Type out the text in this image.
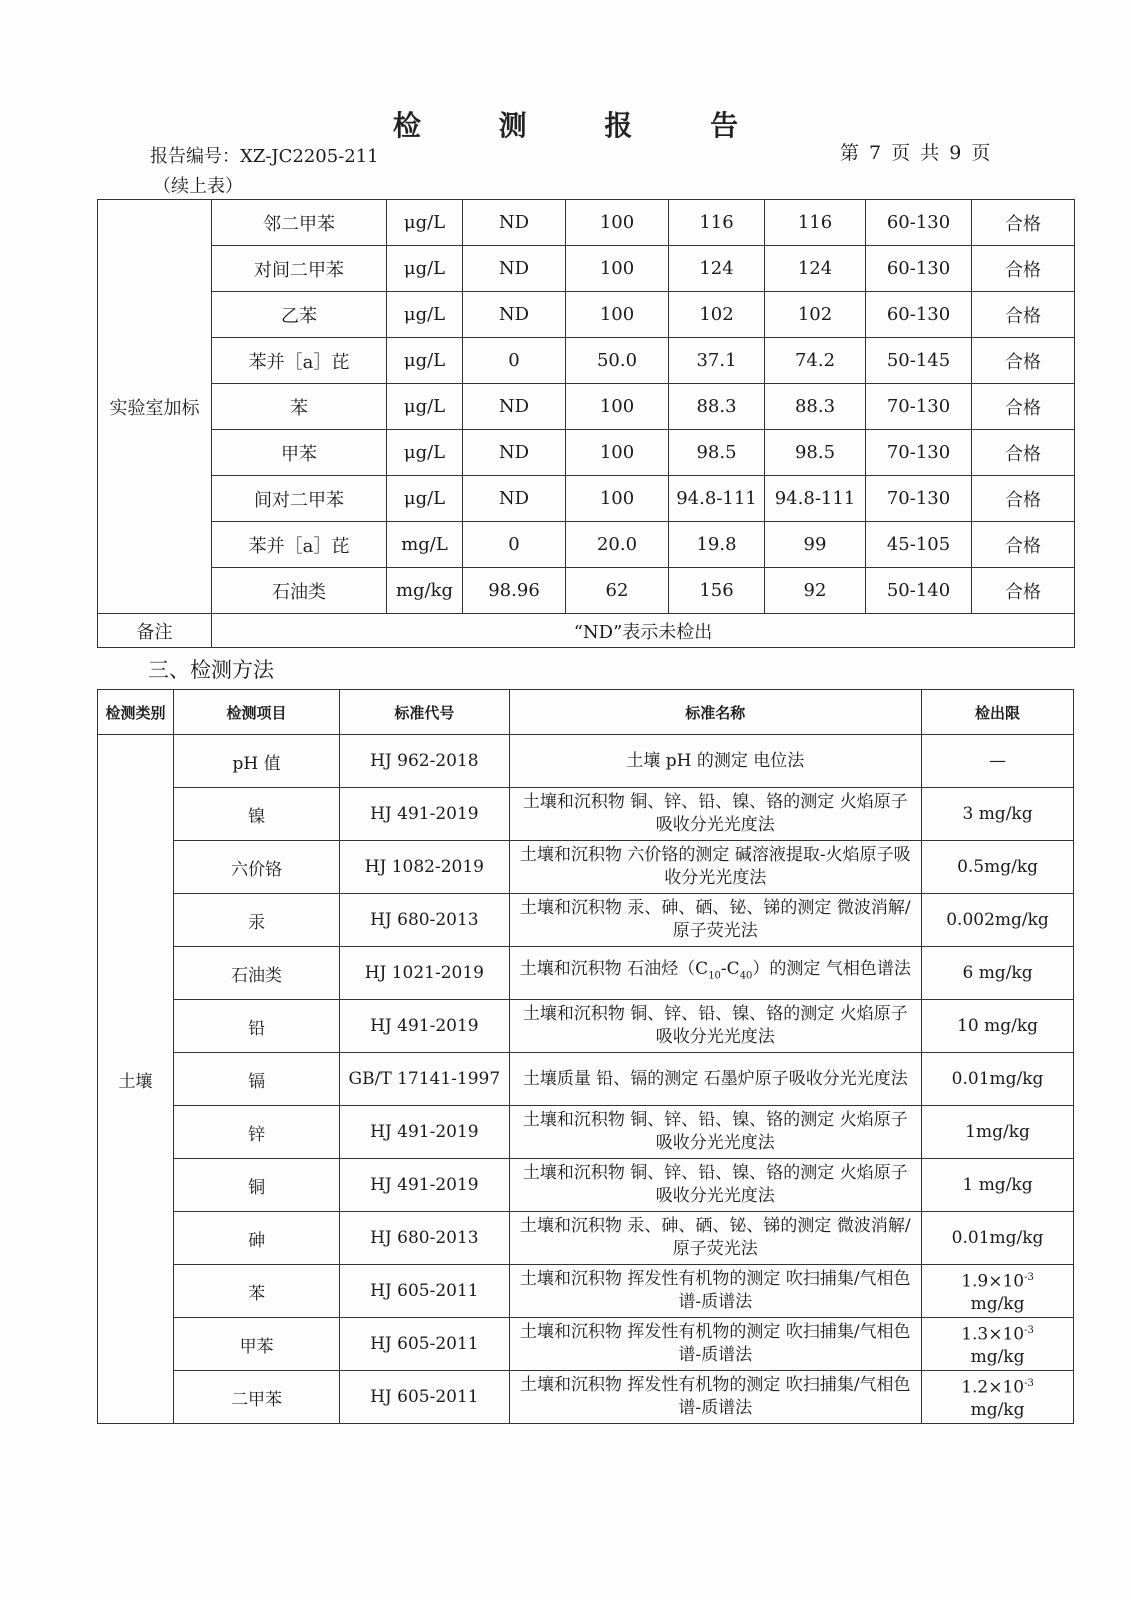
检 测 报 告
报告编号：XZ-JC2205-211	第 7 页 共 9 页
（续上表）
实验室加标	邻二甲苯	μg/L	ND	100	116	116	60-130	合格
	对间二甲苯	μg/L	ND	100	124	124	60-130	合格
	乙苯	μg/L	ND	100	102	102	60-130	合格
	苯并［a］芘	μg/L	0	50.0	37.1	74.2	50-145	合格
	苯	μg/L	ND	100	88.3	88.3	70-130	合格
	甲苯	μg/L	ND	100	98.5	98.5	70-130	合格
	间对二甲苯	μg/L	ND	100	94.8-111	94.8-111	70-130	合格
	苯并［a］芘	mg/L	0	20.0	19.8	99	45-105	合格
	石油类	mg/kg	98.96	62	156	92	50-140	合格
备注	“ND”表示未检出							
三、检测方法
检测类别	检测项目	标准代号	标准名称	检出限
土壤	pH 值	HJ 962-2018	土壤 pH 的测定 电位法	—
	镍	HJ 491-2019	土壤和沉积物 铜、锌、铅、镍、铬的测定 火焰原子吸收分光光度法	3 mg/kg
	六价铬	HJ 1082-2019	土壤和沉积物 六价铬的测定 碱溶液提取-火焰原子吸收分光光度法	0.5mg/kg
	汞	HJ 680-2013	土壤和沉积物 汞、砷、硒、铋、锑的测定 微波消解/原子荧光法	0.002mg/kg
	石油类	HJ 1021-2019	土壤和沉积物 石油烃$(C_{10}-C_{40})$的测定 气相色谱法	6 mg/kg
	铅	HJ 491-2019	土壤和沉积物 铜、锌、铅、镍、铬的测定 火焰原子吸收分光光度法	10 mg/kg
	镉	GB/T 17141-1997	土壤质量 铅、镉的测定 石墨炉原子吸收分光光度法	0.01mg/kg
	锌	HJ 491-2019	土壤和沉积物 铜、锌、铅、镍、铬的测定 火焰原子吸收分光光度法	1mg/kg
	铜	HJ 491-2019	土壤和沉积物 铜、锌、铅、镍、铬的测定 火焰原子吸收分光光度法	1 mg/kg
	砷	HJ 680-2013	土壤和沉积物 汞、砷、硒、铋、锑的测定 微波消解/原子荧光法	0.01mg/kg
	苯	HJ 605-2011	土壤和沉积物 挥发性有机物的测定 吹扫捕集/气相色谱-质谱法	$1.9\times 10^{-3}$
mg/kg
	甲苯	HJ 605-2011	土壤和沉积物 挥发性有机物的测定 吹扫捕集/气相色谱-质谱法	$1.3\times 10^{-3}$
mg/kg
	二甲苯	HJ 605-2011	土壤和沉积物 挥发性有机物的测定 吹扫捕集/气相色谱-质谱法	$1.2\times 10^{-3}$
mg/kg
